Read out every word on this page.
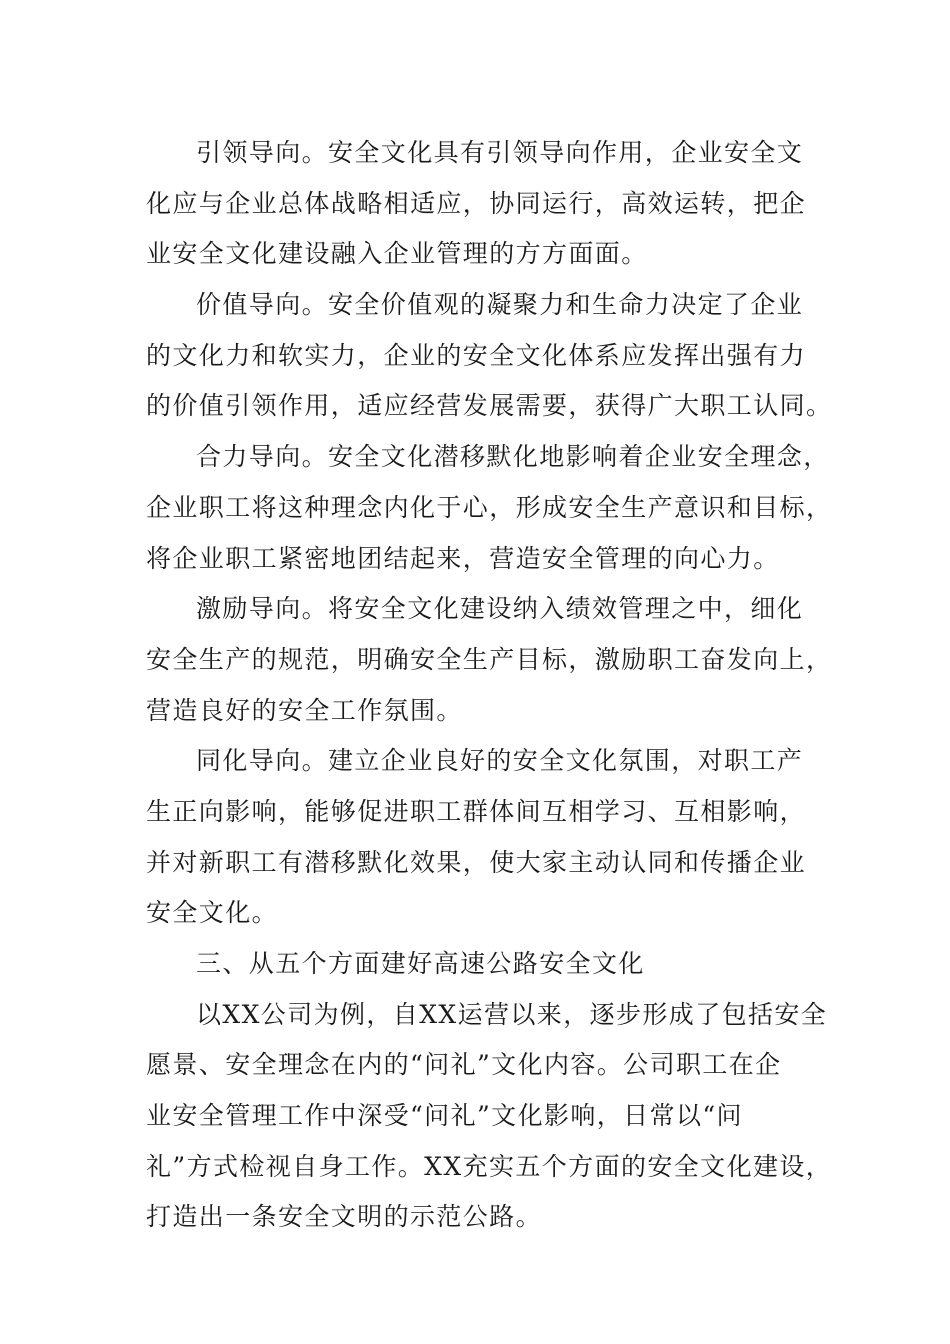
引领导向。安全文化具有引领导向作用，企业安全文
化应与企业总体战略相适应，协同运行，高效运转，把企
业安全文化建设融入企业管理的方方面面。
价值导向。安全价值观的凝聚力和生命力决定了企业
的文化力和软实力，企业的安全文化体系应发挥出强有力
的价值引领作用，适应经营发展需要，获得广大职工认同。
合力导向。安全文化潜移默化地影响着企业安全理念，
企业职工将这种理念内化于心，形成安全生产意识和目标，
将企业职工紧密地团结起来，营造安全管理的向心力。
激励导向。将安全文化建设纳入绩效管理之中，细化
安全生产的规范，明确安全生产目标，激励职工奋发向上，
营造良好的安全工作氛围。
同化导向。建立企业良好的安全文化氛围，对职工产
生正向影响，能够促进职工群体间互相学习、互相影响，
并对新职工有潜移默化效果，使大家主动认同和传播企业
安全文化。
三、从五个方面建好高速公路安全文化
以XX公司为例，自XX运营以来，逐步形成了包括安全
愿景、安全理念在内的“问礼”文化内容。公司职工在企
业安全管理工作中深受“问礼”文化影响，日常以“问
礼”方式检视自身工作。XX充实五个方面的安全文化建设，
打造出一条安全文明的示范公路。
